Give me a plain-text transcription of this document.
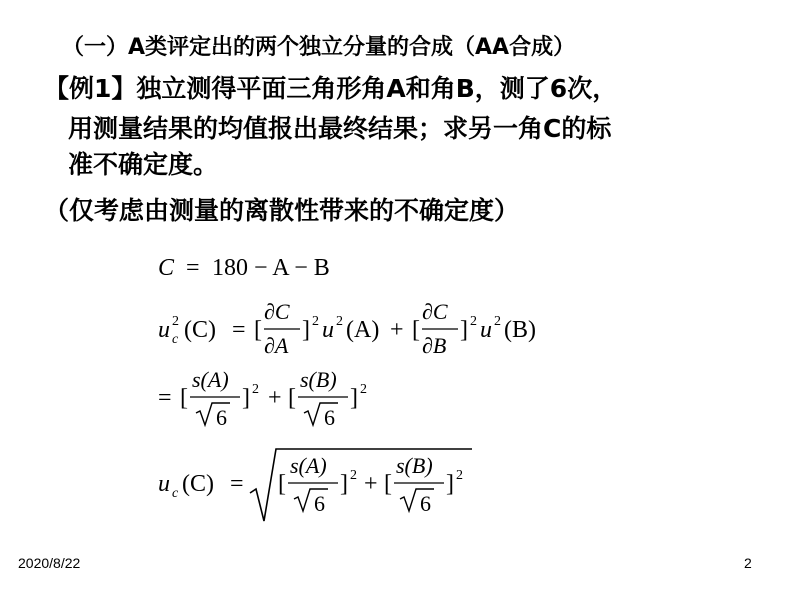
（一）A类评定出的两个独立分量的合成（AA合成）
【例1】独立测得平面三角形角A和角B，测了6次，
用测量结果的均值报出最终结果；求另一角C的标
准不确定度。
（仅考虑由测量的离散性带来的不确定度）
C = 180 − A − B
u 2
c (C) = [
∂C
∂A
] 2 u 2 (A) + [
∂C
∂B
] 2 u 2 (B)
= [
s(A)
6
] 2 + [
s(B)
6
] 2
u c (C) = [
s(A)
6
] 2 + [
s(B)
6
] 2
2020/8/22	2
